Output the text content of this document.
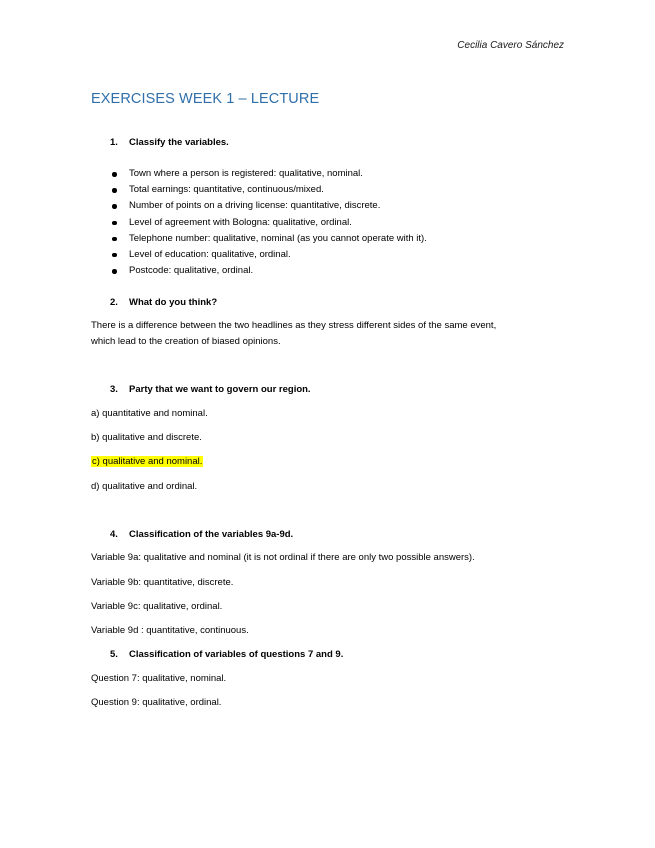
Cecilia Cavero Sánchez
EXERCISES WEEK 1 – LECTURE
1. Classify the variables.
Town where a person is registered: qualitative, nominal.
Total earnings: quantitative, continuous/mixed.
Number of points on a driving license: quantitative, discrete.
Level of agreement with Bologna: qualitative, ordinal.
Telephone number: qualitative, nominal (as you cannot operate with it).
Level of education: qualitative, ordinal.
Postcode: qualitative, ordinal.
2. What do you think?

There is a difference between the two headlines as they stress different sides of the same event,

which lead to the creation of biased opinions.

3. Party that we want to govern our region.

a) quantitative and nominal.

b) qualitative and discrete.

c) qualitative and nominal.

d) qualitative and ordinal.

4. Classification of the variables 9a-9d.

Variable 9a: qualitative and nominal (it is not ordinal if there are only two possible answers).

Variable 9b: quantitative, discrete.

Variable 9c: qualitative, ordinal.

Variable 9d : quantitative, continuous.

5. Classification of variables of questions 7 and 9.

Question 7: qualitative, nominal.

Question 9: qualitative, ordinal.
